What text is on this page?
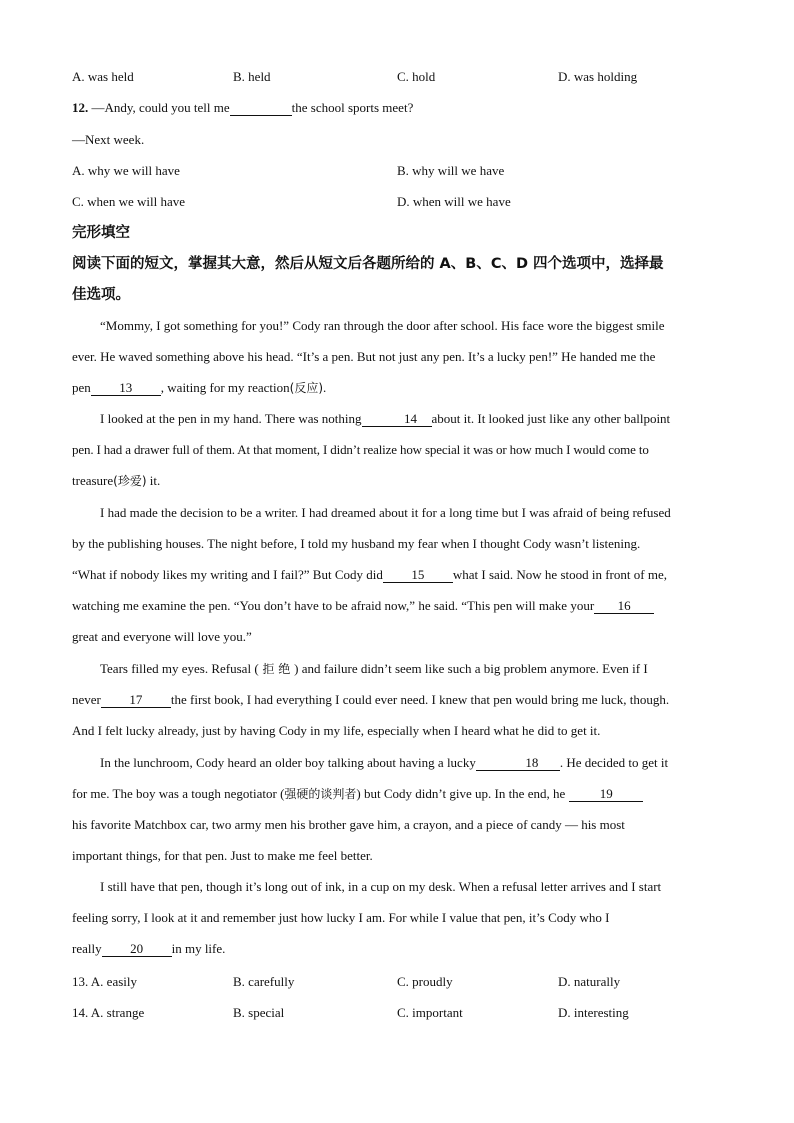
A. was held	B. held	C. hold	D. was holding
12. —Andy, could you tell me	the school sports meet?
—Next week.
A. why we will have	B. why will we have
C. when we will have	D. when will we have
完形填空
阅读下面的短文，掌握其大意，然后从短文后各题所给的 A、B、C、D 四个选项中，选择最
佳选项。
“Mommy, I got something for you!” Cody ran through the door after school. His face wore the biggest smile
ever. He waved something above his head. “It’s a pen. But not just any pen. It’s a lucky pen!” He handed me the
pen 13 , waiting for my reaction(反应).
I looked at the pen in my hand. There was nothing	14 about it. It looked just like any other ballpoint
pen. I had a drawer full of them. At that moment, I didn’t realize how special it was or how much I would come to
treasure(珍爱) it.
I had made the decision to be a writer. I had dreamed about it for a long time but I was afraid of being refused
by the publishing houses. The night before, I told my husband my fear when I thought Cody wasn’t listening.
“What if nobody likes my writing and I fail?” But Cody did 15 what I said. Now he stood in front of me,
watching me examine the pen. “You don’t have to be afraid now,” he said. “This pen will make your 16
great and everyone will love you.”
Tears filled my eyes. Refusal ( 拒 绝 ) and failure didn’t seem like such a big problem anymore. Even if I
never 17 the first book, I had everything I could ever need. I knew that pen would bring me luck, though.
And I felt lucky already, just by having Cody in my life, especially when I heard what he did to get it.
In the lunchroom, Cody heard an older boy talking about having a lucky	18 . He decided to get it
for me. The boy was a tough negotiator (强硬的谈判者) but Cody didn’t give up. In the end, he	19
his favorite Matchbox car, two army men his brother gave him, a crayon, and a piece of candy — his most
important things, for that pen. Just to make me feel better.
I still have that pen, though it’s long out of ink, in a cup on my desk. When a refusal letter arrives and I start
feeling sorry, I look at it and remember just how lucky I am. For while I value that pen, it’s Cody who I
really 20 in my life.
13. A. easily	B. carefully	C. proudly	D. naturally
14. A. strange	B. special	C. important	D. interesting
